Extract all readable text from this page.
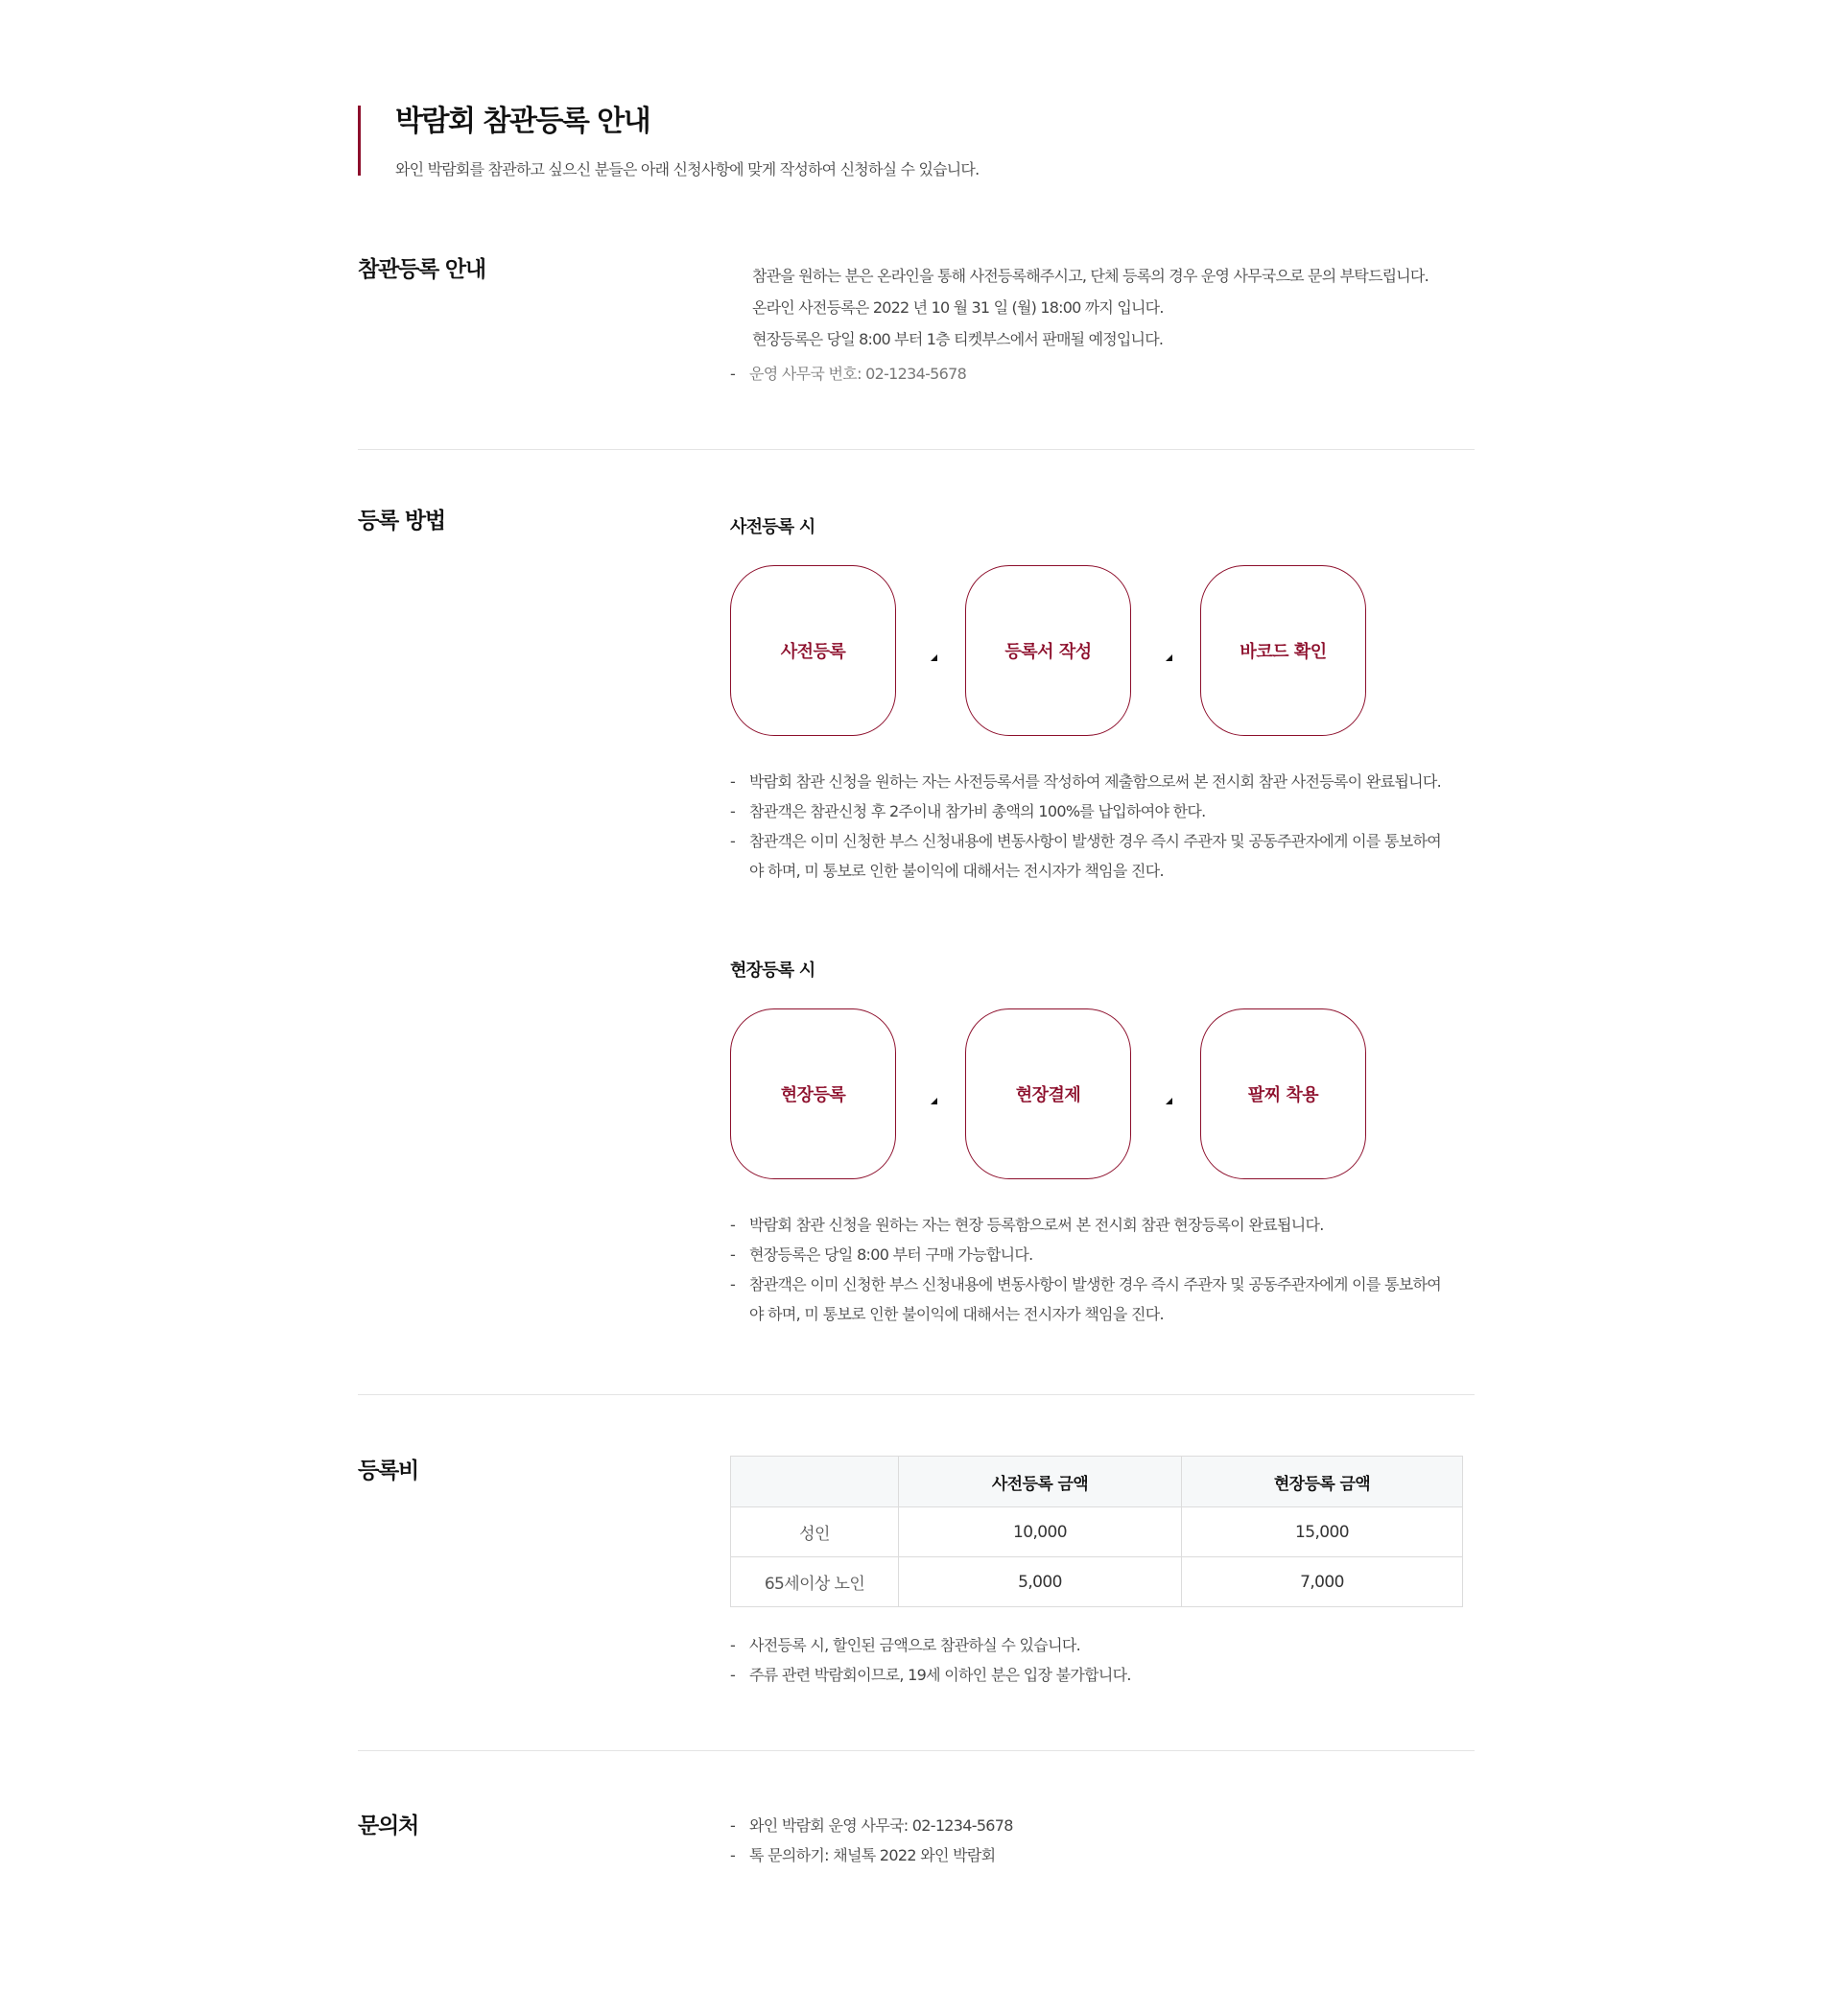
박람회 참관등록 안내
와인 박람회를 참관하고 싶으신 분들은 아래 신청사항에 맞게 작성하여 신청하실 수 있습니다.
참관등록 안내	참관을 원하는 분은 온라인을 통해 사전등록해주시고, 단체 등록의 경우 운영 사무국으로 문의 부탁드립니다.
온라인 사전등록은 2022 년 10 월 31 일 (월) 18:00 까지 입니다.
현장등록은 당일 8:00 부터 1층 티켓부스에서 판매될 예정입니다.
- 운영 사무국 번호: 02-1234-5678
등록 방법	사전등록 시
사전등록	등록서 작성	바코드 확인
- 박람회 참관 신청을 원하는 자는 사전등록서를 작성하여 제출함으로써 본 전시회 참관 사전등록이 완료됩니다.
- 참관객은 참관신청 후 2주이내 참가비 총액의 100%를 납입하여야 한다.
- 참관객은 이미 신청한 부스 신청내용에 변동사항이 발생한 경우 즉시 주관자 및 공동주관자에게 이를 통보하여야 하며, 미 통보로 인한 불이익에 대해서는 전시자가 책임을 진다.
현장등록 시
현장등록	현장결제	팔찌 착용
- 박람회 참관 신청을 원하는 자는 현장 등록함으로써 본 전시회 참관 현장등록이 완료됩니다.
- 현장등록은 당일 8:00 부터 구매 가능합니다.
- 참관객은 이미 신청한 부스 신청내용에 변동사항이 발생한 경우 즉시 주관자 및 공동주관자에게 이를 통보하여야 하며, 미 통보로 인한 불이익에 대해서는 전시자가 책임을 진다.
등록비
	사전등록 금액	현장등록 금액
성인	10,000	15,000
65세이상 노인	5,000	7,000
- 사전등록 시, 할인된 금액으로 참관하실 수 있습니다.
- 주류 관련 박람회이므로, 19세 이하인 분은 입장 불가합니다.
문의처	- 와인 박람회 운영 사무국: 02-1234-5678
- 톡 문의하기: 채널톡 2022 와인 박람회
